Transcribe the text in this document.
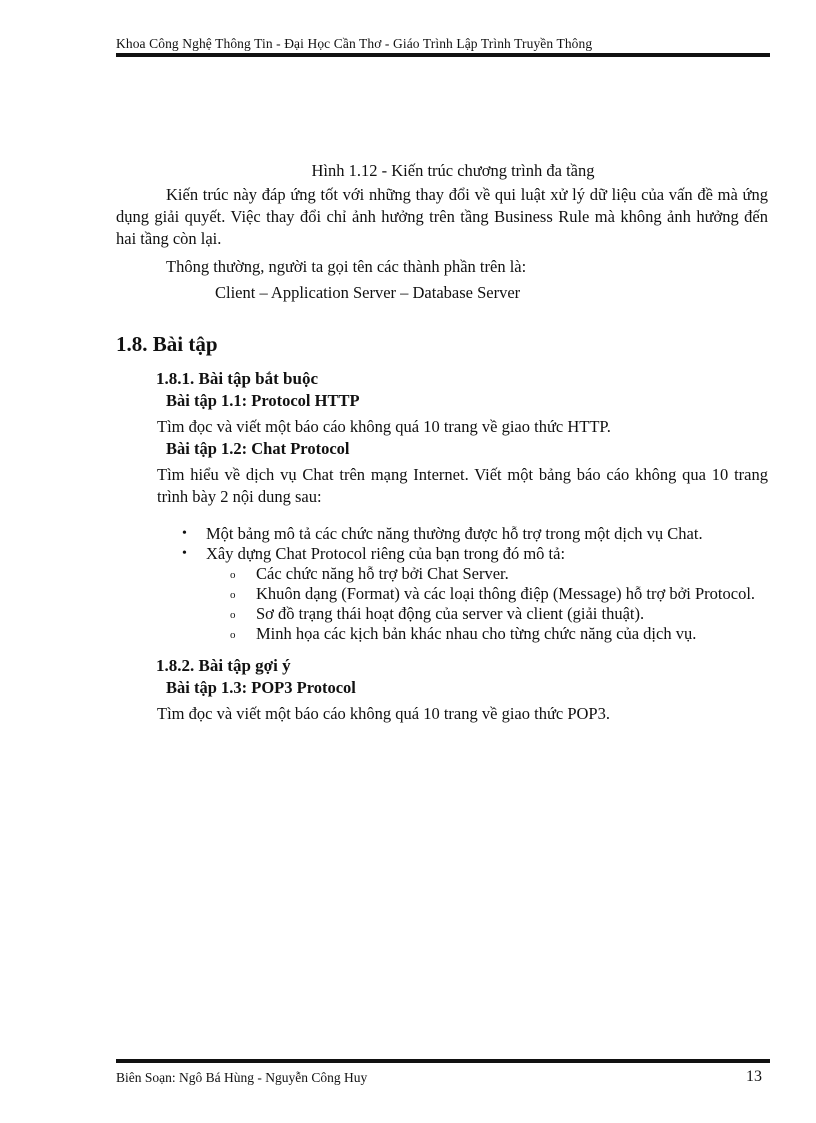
Khoa Công Nghệ Thông Tin - Đại Học Cần Thơ - Giáo Trình Lập Trình Truyền Thông

Hình 1.12 - Kiến trúc chương trình đa tầng

Kiến trúc này đáp ứng tốt với những thay đổi về qui luật xử lý dữ liệu của vấn đề mà ứng dụng giải quyết. Việc thay đổi chỉ ảnh hưởng trên tầng Business Rule mà không ảnh hưởng đến hai tầng còn lại.

Thông thường, người ta gọi tên các thành phần trên là:

Client – Application Server – Database Server

1.8. Bài tập
1.8.1. Bài tập bắt buộc
Bài tập 1.1: Protocol HTTP

Tìm đọc và viết một báo cáo không quá 10 trang về giao thức HTTP.

Bài tập 1.2: Chat Protocol

Tìm hiểu về dịch vụ Chat trên mạng Internet. Viết một bảng báo cáo không qua 10 trang trình bày 2 nội dung sau:

• Một bảng mô tả các chức năng thường được hỗ trợ trong một dịch vụ Chat.
• Xây dựng Chat Protocol riêng của bạn trong đó mô tả:
o Các chức năng hỗ trợ bởi Chat Server.
o Khuôn dạng (Format) và các loại thông điệp (Message) hỗ trợ bởi Protocol.
o Sơ đồ trạng thái hoạt động của server và client (giải thuật).
o Minh họa các kịch bản khác nhau cho từng chức năng của dịch vụ.
1.8.2. Bài tập gợi ý
Bài tập 1.3: POP3 Protocol

Tìm đọc và viết một báo cáo không quá 10 trang về giao thức POP3.

Biên Soạn: Ngô Bá Hùng - Nguyễn Công Huy	13
